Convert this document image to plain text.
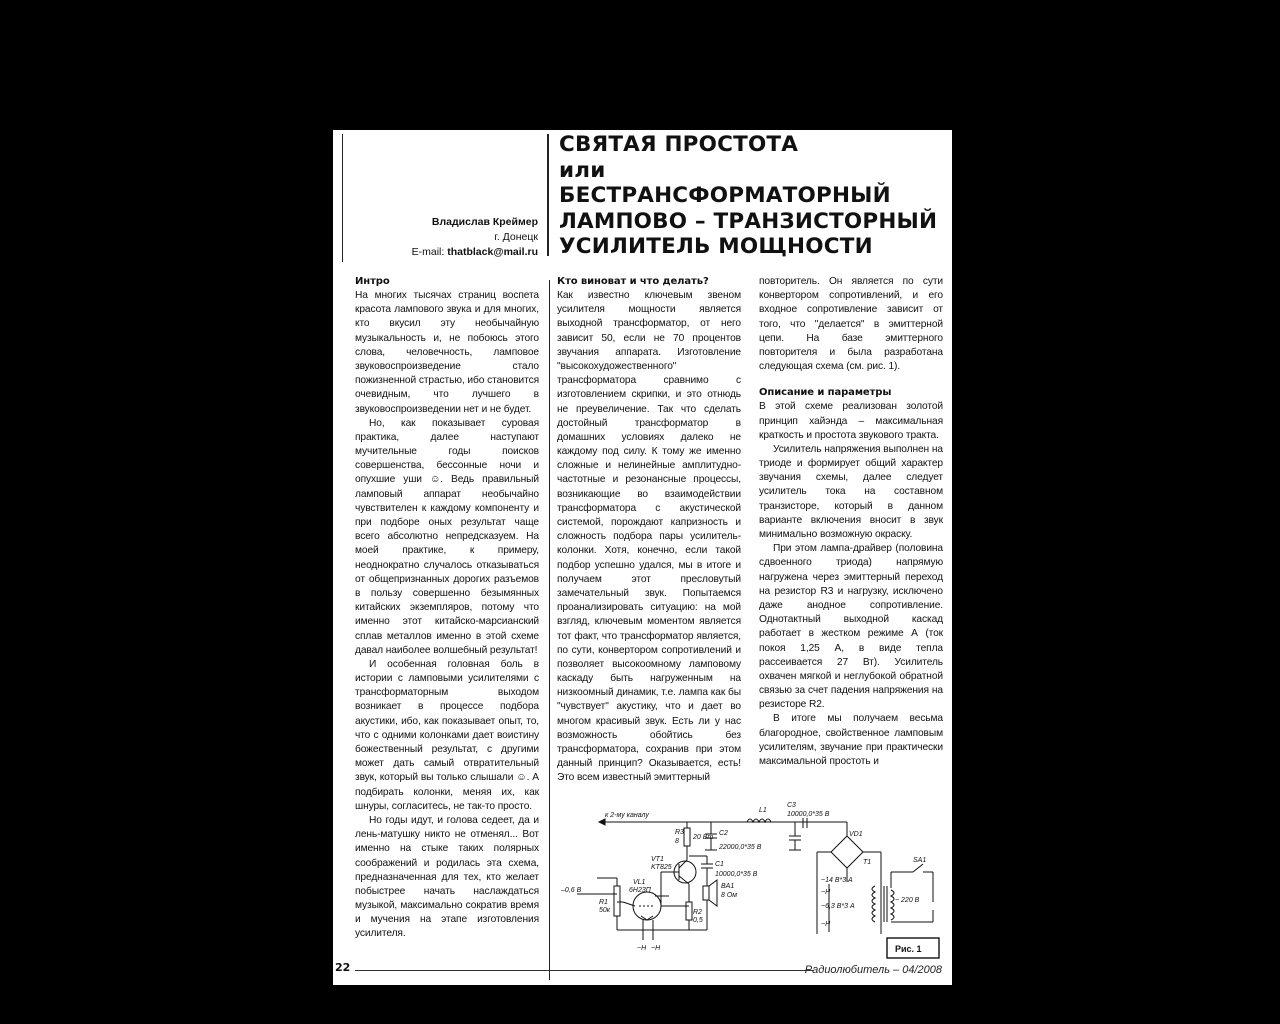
СВЯТАЯ ПРОСТОТА
или
БЕСТРАНСФОРМАТОРНЫЙ
ЛАМПОВО – ТРАНЗИСТОРНЫЙ
УСИЛИТЕЛЬ МОЩНОСТИ
Владислав Креймер
г. Донецк
E-mail: thatblack@mail.ru
Интро

На многих тысячах страниц воспета красота лампового звука и для многих, кто вкусил эту необычайную музыкальность и, не побоюсь этого слова, человечность, ламповое звуковоспроизведение стало пожизненной страстью, ибо становится очевидным, что лучшего в звуковоспроизведении нет и не будет.

Но, как показывает суровая практика, далее наступают мучительные годы поисков совершенства, бессонные ночи и опухшие уши ☺. Ведь правильный ламповый аппарат необычайно чувствителен к каждому компоненту и при подборе оных результат чаще всего абсолютно непредсказуем. На моей практике, к примеру, неоднократно случалось отказываться от общепризнанных дорогих разъемов в пользу совершенно безымянных китайских экземпляров, потому что именно этот китайско-марсианский сплав металлов именно в этой схеме давал наиболее волшебный результат!

И особенная головная боль в истории с ламповыми усилителями с трансформаторным выходом возникает в процессе подбора акустики, ибо, как показывает опыт, то, что с одними колонками дает воистину божественный результат, с другими может дать самый отвратительный звук, который вы только слышали ☺. А подбирать колонки, меняя их, как шнуры, согласитесь, не так-то просто.

Но годы идут, и голова седеет, да и лень-матушку никто не отменял... Вот именно на стыке таких полярных соображений и родилась эта схема, предназначенная для тех, кто желает побыстрее начать наслаждаться музыкой, максимально сократив время и мучения на этапе изготовления усилителя.

Кто виноват и что делать?

Как известно ключевым звеном усилителя мощности является выходной трансформатор, от него зависит 50, если не 70 процентов звучания аппарата. Изготовление "высокохудожественного" трансформатора сравнимо с изготовлением скрипки, и это отнюдь не преувеличение. Так что сделать достойный трансформатор в домашних условиях далеко не каждому под силу. К тому же именно сложные и нелинейные амплитудно-частотные и резонансные процессы, возникающие во взаимодействии трансформатора с акустической системой, порождают капризность и сложность подбора пары усилитель-колонки. Хотя, конечно, если такой подбор успешно удался, мы в итоге и получаем этот пресловутый замечательный звук. Попытаемся проанализировать ситуацию: на мой взгляд, ключевым моментом является тот факт, что трансформатор является, по сути, конвертором сопротивлений и позволяет высокоомному ламповому каскаду быть нагруженным на низкоомный динамик, т.е. лампа как бы "чувствует" акустику, что и дает во многом красивый звук. Есть ли у нас возможность обойтись без трансформатора, сохранив при этом данный принцип? Оказывается, есть! Это всем известный эмиттерный

повторитель. Он является по сути конвертором сопротивлений, и его входное сопротивление зависит от того, что "делается" в эмиттерной цепи. На базе эмиттерного повторителя и была разработана следующая схема (см. рис. 1).

Описание и параметры

В этой схеме реализован золотой принцип хайэнда – максимальная краткость и простота звукового тракта.

Усилитель напряжения выполнен на триоде и формирует общий характер звучания схемы, далее следует усилитель тока на составном транзисторе, который в данном варианте включения вносит в звук минимально возможную окраску.

При этом лампа-драйвер (половина сдвоенного триода) напрямую нагружена через эмиттерный переход на резистор R3 и нагрузку, исключено даже анодное сопротивление. Однотактный выходной каскад работает в жестком режиме А (ток покоя 1,25 А, в виде тепла рассеивается 27 Вт). Усилитель охвачен мягкой и неглубокой обратной связью за счет падения напряжения на резисторе R2.

В итоге мы получаем весьма благородное, свойственное ламповым усилителям, звучание при практически максимальной простоть и

к 2-му каналу
R3
8
20 Вт
C2
22000,0*35 В
L1
C3
10000,0*35 В
VD1
VT1
KT825	C1
10000,0*35 В
VL1
6Н23П
R1
50к	R2
0,5
BA1
8 Ом
–0,6 В
T1	SA1
~14 В*3 А
~6,3 В*3 А
~ 220 В
~Н
~Н
~Н ~Н	Рис. 1
22	Радиолюбитель – 04/2008
